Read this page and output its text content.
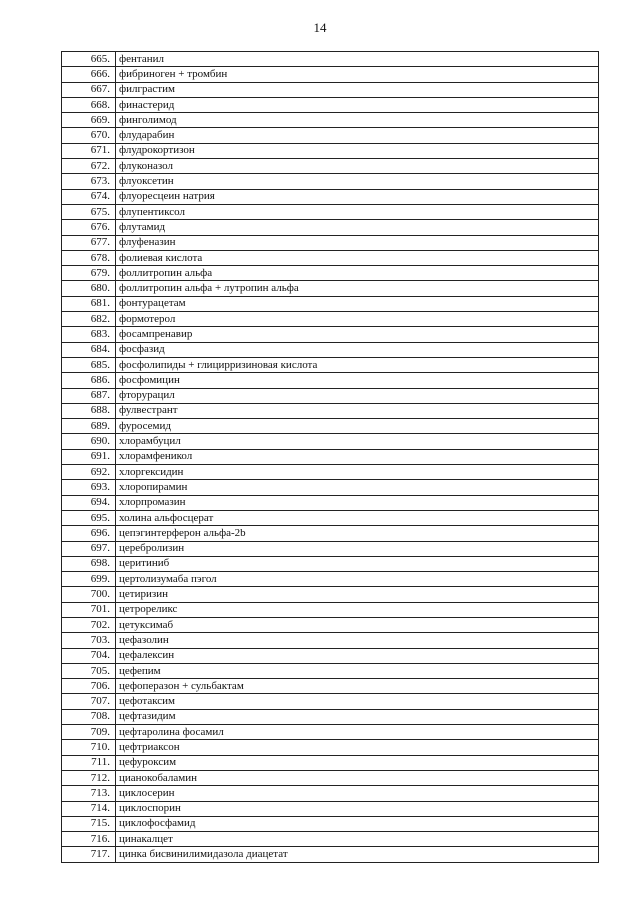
14
665.	фентанил
666.	фибриноген + тромбин
667.	филграстим
668.	финастерид
669.	финголимод
670.	флударабин
671.	флудрокортизон
672.	флуконазол
673.	флуоксетин
674.	флуоресцеин натрия
675.	флупентиксол
676.	флутамид
677.	флуфеназин
678.	фолиевая кислота
679.	фоллитропин альфа
680.	фоллитропин альфа + лутропин альфа
681.	фонтурацетам
682.	формотерол
683.	фосампренавир
684.	фосфазид
685.	фосфолипиды + глицирризиновая кислота
686.	фосфомицин
687.	фторурацил
688.	фулвестрант
689.	фуросемид
690.	хлорамбуцил
691.	хлорамфеникол
692.	хлоргексидин
693.	хлоропирамин
694.	хлорпромазин
695.	холина альфосцерат
696.	цепэгинтерферон альфа-2b
697.	церебролизин
698.	церитиниб
699.	цертолизумаба пэгол
700.	цетиризин
701.	цетрореликс
702.	цетуксимаб
703.	цефазолин
704.	цефалексин
705.	цефепим
706.	цефоперазон + сульбактам
707.	цефотаксим
708.	цефтазидим
709.	цефтаролина фосамил
710.	цефтриаксон
711.	цефуроксим
712.	цианокобаламин
713.	циклосерин
714.	циклоспорин
715.	циклофосфамид
716.	цинакалцет
717.	цинка бисвинилимидазола диацетат
